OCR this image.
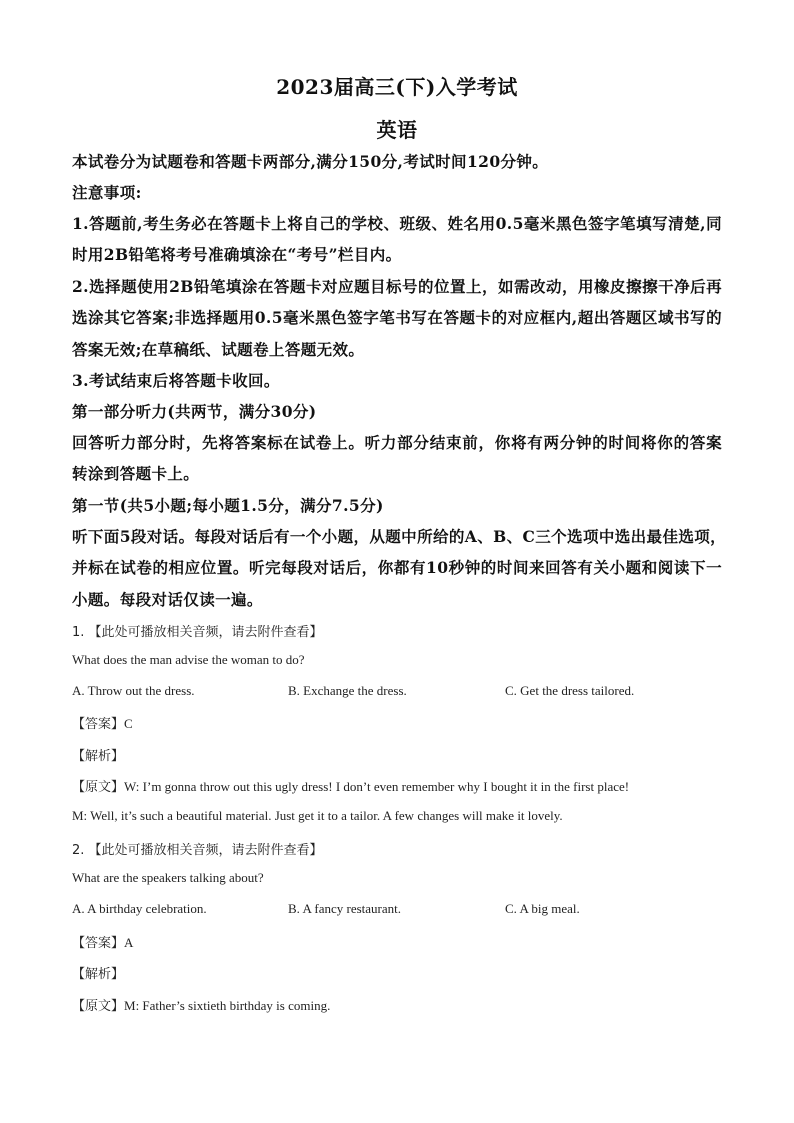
2023届高三(下)入学考试
英语
本试卷分为试题卷和答题卡两部分,满分150分,考试时间120分钟。
注意事项:
1.答题前,考生务必在答题卡上将自己的学校、班级、姓名用0.5毫米黑色签字笔填写清楚,同
时用2B铅笔将考号准确填涂在“考号”栏目内。
2.选择题使用2B铅笔填涂在答题卡对应题目标号的位置上，如需改动，用橡皮擦擦干净后再
选涂其它答案;非选择题用0.5毫米黑色签字笔书写在答题卡的对应框内,超出答题区域书写的
答案无效;在草稿纸、试题卷上答题无效。
3.考试结束后将答题卡收回。
第一部分听力(共两节，满分30分)
回答听力部分时，先将答案标在试卷上。听力部分结束前，你将有两分钟的时间将你的答案
转涂到答题卡上。
第一节(共5小题;每小题1.5分，满分7.5分)
听下面5段对话。每段对话后有一个小题，从题中所给的A、B、C三个选项中选出最佳选项，
并标在试卷的相应位置。听完每段对话后，你都有10秒钟的时间来回答有关小题和阅读下一
小题。每段对话仅读一遍。
1. 【此处可播放相关音频，请去附件查看】
What does the man advise the woman to do?
A. Throw out the dress.	B. Exchange the dress.	C. Get the dress tailored.
【答案】C
【解析】
【原文】W: I’m gonna throw out this ugly dress! I don’t even remember why I bought it in the first place!
M: Well, it’s such a beautiful material. Just get it to a tailor. A few changes will make it lovely.
2. 【此处可播放相关音频，请去附件查看】
What are the speakers talking about?
A. A birthday celebration.	B. A fancy restaurant.	C. A big meal.
【答案】A
【解析】
【原文】M: Father’s sixtieth birthday is coming.
